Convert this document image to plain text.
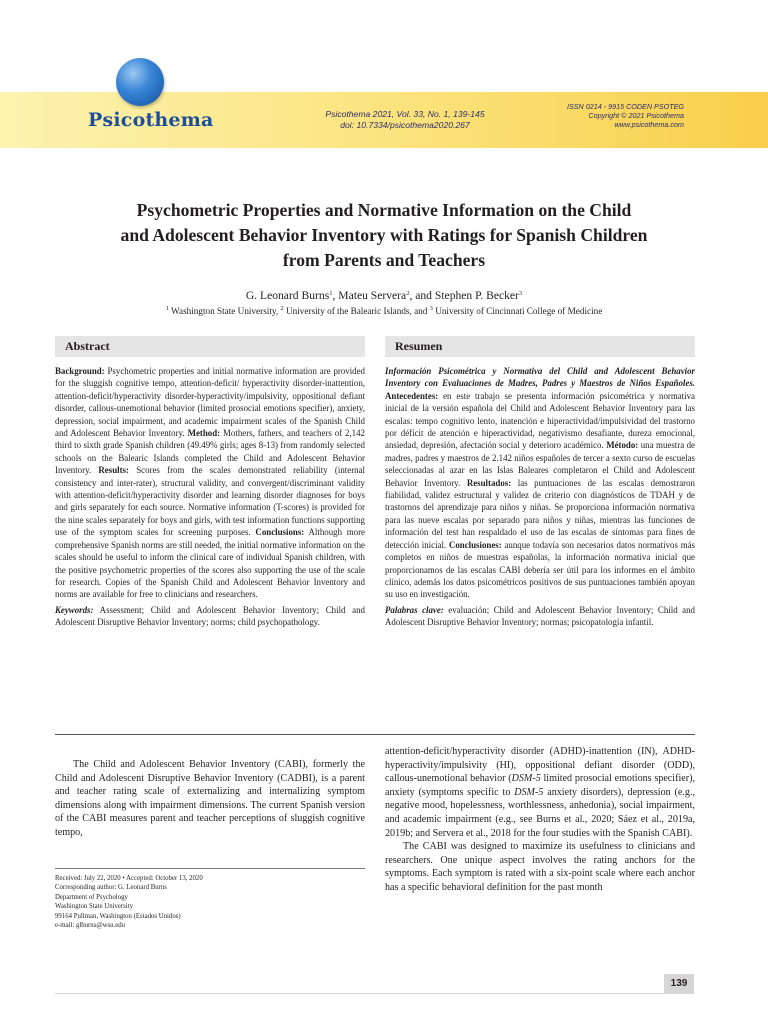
Psicothema	Psicothema 2021, Vol. 33, No. 1, 139-145
doi: 10.7334/psicothema2020.267
ISSN 0214 - 9915 CODEN PSOTEG
Copyright © 2021 Psicothema
www.psicothema.com
Psychometric Properties and Normative Information on the Child
and Adolescent Behavior Inventory with Ratings for Spanish Children
from Parents and Teachers
G. Leonard Burns$^1$, Mateu Servera$^2$, and Stephen P. Becker$^3$
$^1$ Washington State University, $^2$ University of the Balearic Islands, and $^3$ University of Cincinnati College of Medicine
Abstract

Background: Psychometric properties and initial normative information are provided for the sluggish cognitive tempo, attention-deficit/ hyperactivity disorder-inattention, attention-deficit/hyperactivity disorder-hyperactivity/impulsivity, oppositional defiant disorder, callous-unemotional behavior (limited prosocial emotions specifier), anxiety, depression, social impairment, and academic impairment scales of the Spanish Child and Adolescent Behavior Inventory. Method: Mothers, fathers, and teachers of 2,142 third to sixth grade Spanish children (49.49% girls; ages 8-13) from randomly selected schools on the Balearic Islands completed the Child and Adolescent Behavior Inventory. Results: Scores from the scales demonstrated reliability (internal consistency and inter-rater), structural validity, and convergent/discriminant validity with attention-deficit/hyperactivity disorder and learning disorder diagnoses for boys and girls separately for each source. Normative information (T-scores) is provided for the nine scales separately for boys and girls, with test information functions supporting use of the symptom scales for screening purposes. Conclusions: Although more comprehensive Spanish norms are still needed, the initial normative information on the scales should be useful to inform the clinical care of individual Spanish children, with the positive psychometric properties of the scores also supporting the use of the scale for research. Copies of the Spanish Child and Adolescent Behavior Inventory and norms are available for free to clinicians and researchers.

Keywords: Assessment; Child and Adolescent Behavior Inventory; Child and Adolescent Disruptive Behavior Inventory; norms; child psychopathology.

Resumen

Información Psicométrica y Normativa del Child and Adolescent Behavior Inventory con Evaluaciones de Madres, Padres y Maestros de Niños Españoles. Antecedentes: en este trabajo se presenta información psicométrica y normativa inicial de la versión española del Child and Adolescent Behavior Inventory para las escalas: tempo cognitivo lento, inatención e hiperactividad/impulsividad del trastorno por déficit de atención e hiperactividad, negativismo desafiante, dureza emocional, ansiedad, depresión, afectación social y deterioro académico. Método: una muestra de madres, padres y maestros de 2.142 niños españoles de tercer a sexto curso de escuelas seleccionadas al azar en las Islas Baleares completaron el Child and Adolescent Behavior Inventory. Resultados: las puntuaciones de las escalas demostraron fiabilidad, validez estructural y validez de criterio con diagnósticos de TDAH y de trastornos del aprendizaje para niños y niñas. Se proporciona información normativa para las nueve escalas por separado para niños y niñas, mientras las funciones de información del test han respaldado el uso de las escalas de síntomas para fines de detección inicial. Conclusiones: aunque todavía son necesarios datos normativos más completos en niños de muestras españolas, la información normativa inicial que proporcionamos de las escalas CABI debería ser útil para los informes en el ámbito clínico, además los datos psicométricos positivos de sus puntuaciones también apoyan su uso en investigación.

Palabras clave: evaluación; Child and Adolescent Behavior Inventory; Child and Adolescent Disruptive Behavior Inventory; normas; psicopatología infantil.

The Child and Adolescent Behavior Inventory (CABI), formerly the Child and Adolescent Disruptive Behavior Inventory (CADBI), is a parent and teacher rating scale of externalizing and internalizing symptom dimensions along with impairment dimensions. The current Spanish version of the CABI measures parent and teacher perceptions of sluggish cognitive tempo,

attention-deficit/hyperactivity disorder (ADHD)-inattention (IN), ADHD-hyperactivity/impulsivity (HI), oppositional defiant disorder (ODD), callous-unemotional behavior (DSM-5 limited prosocial emotions specifier), anxiety (symptoms specific to DSM-5 anxiety disorders), depression (e.g., negative mood, hopelessness, worthlessness, anhedonia), social impairment, and academic impairment (e.g., see Burns et al., 2020; Sáez et al., 2019a, 2019b; and Servera et al., 2018 for the four studies with the Spanish CABI).

The CABI was designed to maximize its usefulness to clinicians and researchers. One unique aspect involves the rating anchors for the symptoms. Each symptom is rated with a six-point scale where each anchor has a specific behavioral definition for the past month

Received: July 22, 2020 • Accepted: October 13, 2020
Corresponding author: G. Leonard Burns
Department of Psychology
Washington State University
99164 Pullman, Washington (Estados Unidos)
e-mail: glburns@wsu.edu
139
